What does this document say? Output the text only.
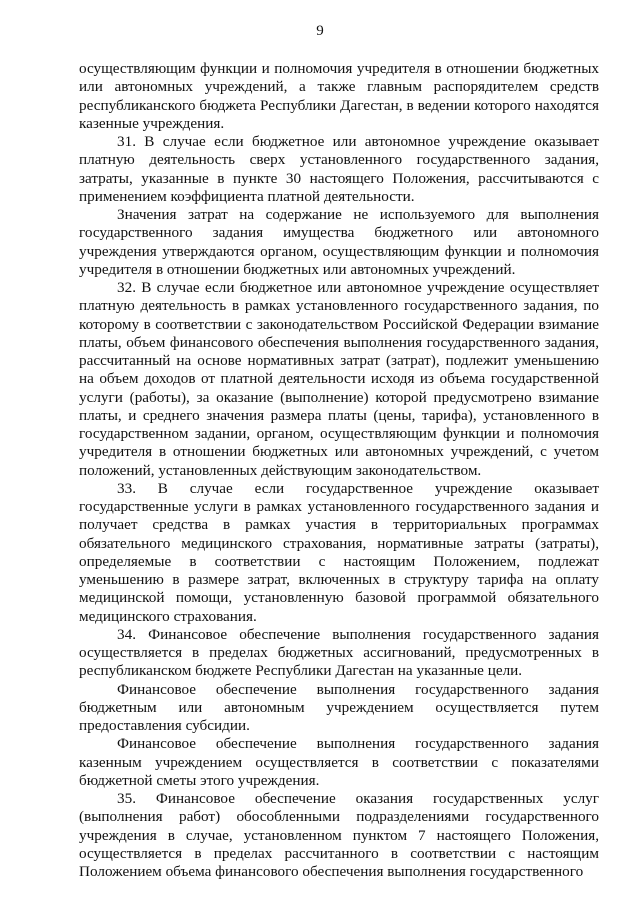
9

осуществляющим функции и полномочия учредителя в отношении бюджетных или автономных учреждений, а также главным распорядителем средств республиканского бюджета Республики Дагестан, в ведении которого находятся казенные учреждения.

31. В случае если бюджетное или автономное учреждение оказывает платную деятельность сверх установленного государственного задания, затраты, указанные в пункте 30 настоящего Положения, рассчитываются с применением коэффициента платной деятельности.

Значения затрат на содержание не используемого для выполнения государственного задания имущества бюджетного или автономного учреждения утверждаются органом, осуществляющим функции и полномочия учредителя в отношении бюджетных или автономных учреждений.

32. В случае если бюджетное или автономное учреждение осуществляет платную деятельность в рамках установленного государственного задания, по которому в соответствии с законодательством Российской Федерации взимание платы, объем финансового обеспечения выполнения государственного задания, рассчитанный на основе нормативных затрат (затрат), подлежит уменьшению на объем доходов от платной деятельности исходя из объема государственной услуги (работы), за оказание (выполнение) которой предусмотрено взимание платы, и среднего значения размера платы (цены, тарифа), установленного в государственном задании, органом, осуществляющим функции и полномочия учредителя в отношении бюджетных или автономных учреждений, с учетом положений, установленных действующим законодательством.

33. В случае если государственное учреждение оказывает государственные услуги в рамках установленного государственного задания и получает средства в рамках участия в территориальных программах обязательного медицинского страхования, нормативные затраты (затраты), определяемые в соответствии с настоящим Положением, подлежат уменьшению в размере затрат, включенных в структуру тарифа на оплату медицинской помощи, установленную базовой программой обязательного медицинского страхования.

34. Финансовое обеспечение выполнения государственного задания осуществляется в пределах бюджетных ассигнований, предусмотренных в республиканском бюджете Республики Дагестан на указанные цели.

Финансовое обеспечение выполнения государственного задания бюджетным или автономным учреждением осуществляется путем предоставления субсидии.

Финансовое обеспечение выполнения государственного задания казенным учреждением осуществляется в соответствии с показателями бюджетной сметы этого учреждения.

35. Финансовое обеспечение оказания государственных услуг (выполнения работ) обособленными подразделениями государственного учреждения в случае, установленном пунктом 7 настоящего Положения, осуществляется в пределах рассчитанного в соответствии с настоящим Положением объема финансового обеспечения выполнения государственного
